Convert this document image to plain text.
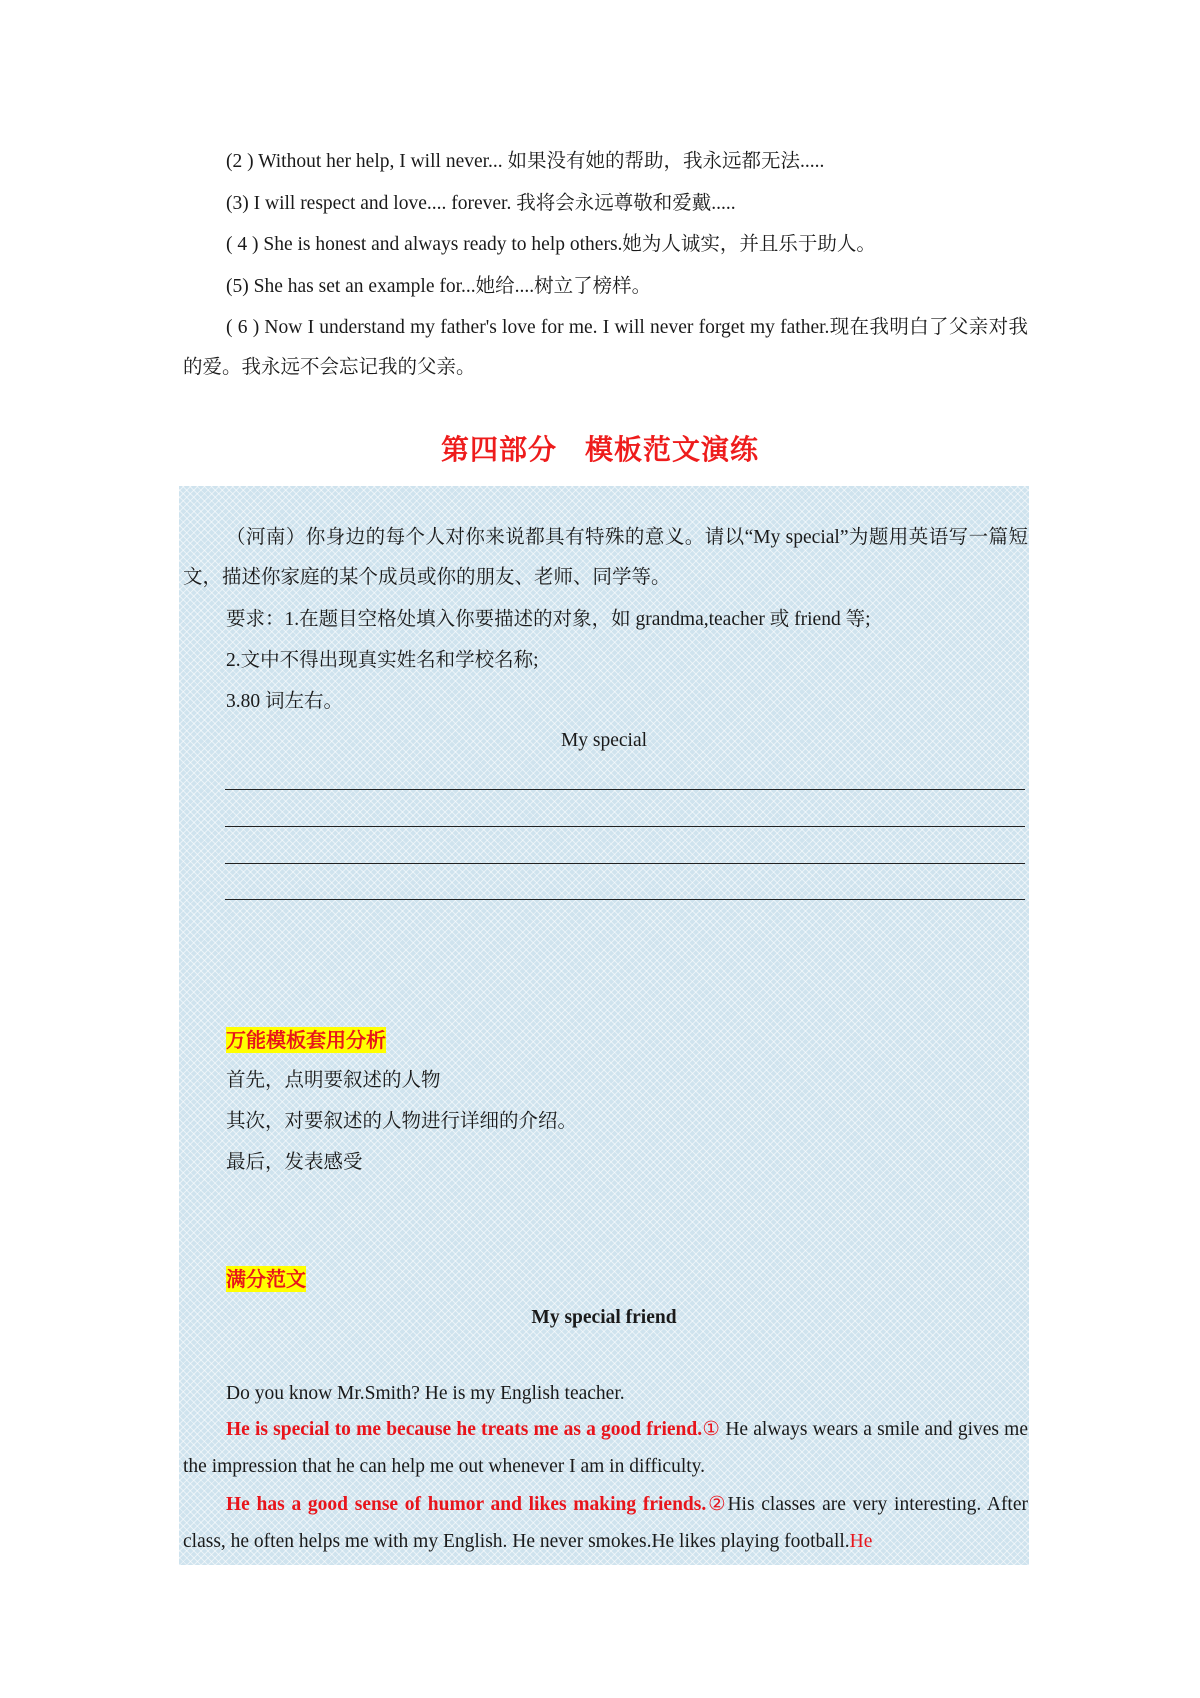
(2 ) Without her help, I will never... 如果没有她的帮助，我永远都无法.....
(3) I will respect and love.... forever. 我将会永远尊敬和爱戴.....
( 4 ) She is honest and always ready to help others.她为人诚实，并且乐于助人。
(5) She has set an example for...她给....树立了榜样。
( 6 ) Now I understand my father's love for me. I will never forget my father.现在我明白了父亲对我的爱。我永远不会忘记我的父亲。
第四部分 模板范文演练
（河南）你身边的每个人对你来说都具有特殊的意义。请以“My special”为题用英语写一篇短文，描述你家庭的某个成员或你的朋友、老师、同学等。
要求：1.在题目空格处填入你要描述的对象，如 grandma,teacher 或 friend 等;
2.文中不得出现真实姓名和学校名称;
3.80 词左右。
My special
万能模板套用分析
首先，点明要叙述的人物
其次，对要叙述的人物进行详细的介绍。
最后，发表感受
满分范文
My special friend
Do you know Mr.Smith? He is my English teacher.
He is special to me because he treats me as a good friend.① He always wears a smile and gives me the impression that he can help me out whenever I am in difficulty.
He has a good sense of humor and likes making friends.②His classes are very interesting. After class, he often helps me with my English. He never smokes.He likes playing football.He
